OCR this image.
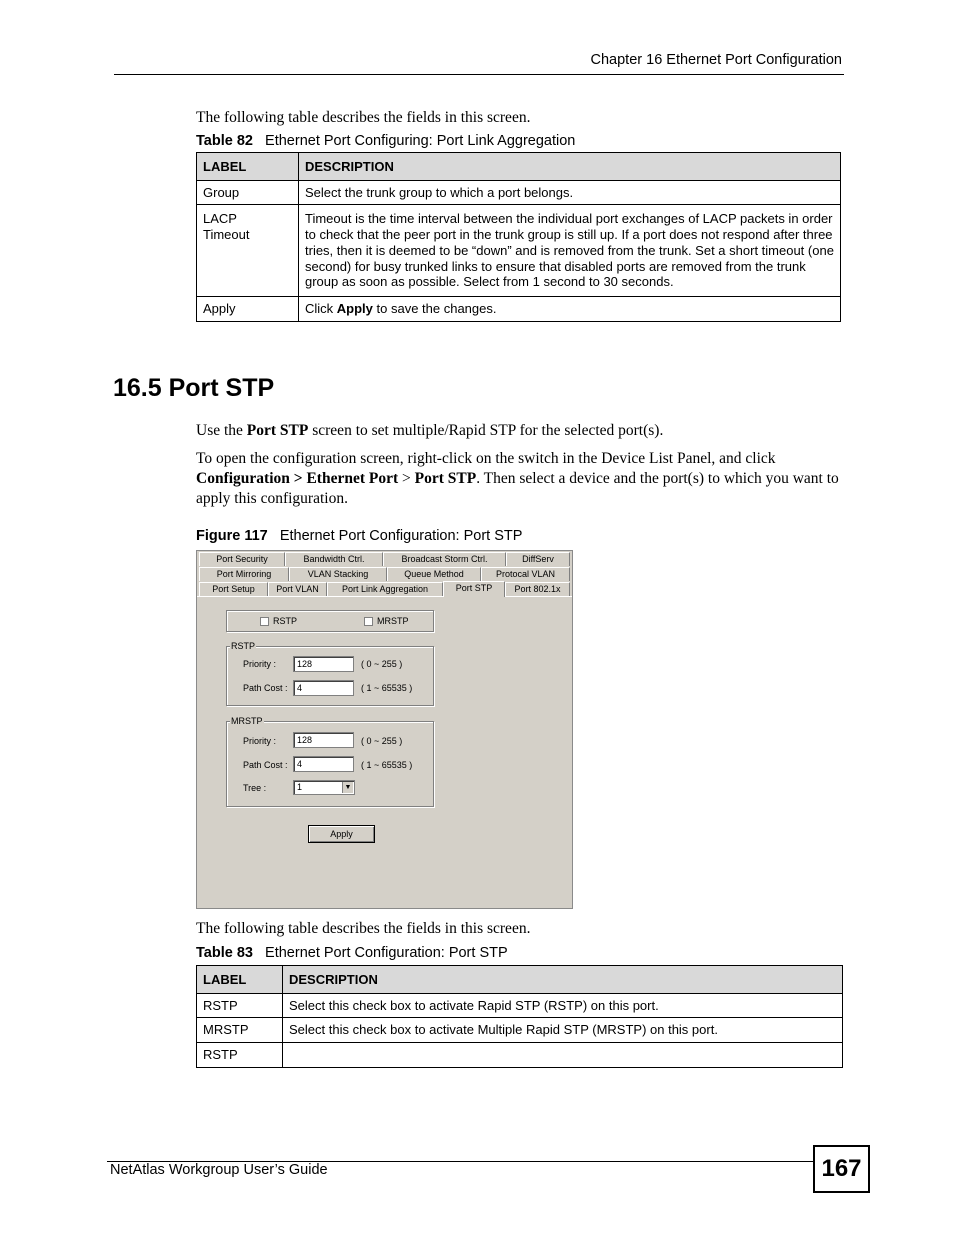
Chapter 16 Ethernet Port Configuration
The following table describes the fields in this screen.
Table 82 Ethernet Port Configuring: Port Link Aggregation
LABEL	DESCRIPTION
Group	Select the trunk group to which a port belongs.

LACP Timeout	Timeout is the time interval between the individual port exchanges of LACP packets in order to check that the peer port in the trunk group is still up. If a port does not respond after three tries, then it is deemed to be “down” and is removed from the trunk. Set a short timeout (one second) for busy trunked links to ensure that disabled ports are removed from the trunk group as soon as possible. Select from 1 second to 30 seconds.
Apply	Click Apply to save the changes.
16.5 Port STP
Use the Port STP screen to set multiple/Rapid STP for the selected port(s).
To open the configuration screen, right-click on the switch in the Device List Panel, and click Configuration > Ethernet Port > Port STP. Then select a device and the port(s) to which you want to apply this configuration.
Figure 117 Ethernet Port Configuration: Port STP
Port Security	Bandwidth Ctrl.	Broadcast Storm Ctrl.	DiffServ
Port Mirroring	VLAN Stacking	Queue Method	Protocal VLAN
Port Setup	Port VLAN	Port Link Aggregation	Port STP	Port 802.1x
RSTP	MRSTP
RSTP
Priority :	128	( 0 ~ 255 )
Path Cost :	4	( 1 ~ 65535 )
MRSTP
Priority :	128	( 0 ~ 255 )
Path Cost :	4	( 1 ~ 65535 )
Tree :	1	▼
Apply
The following table describes the fields in this screen.
Table 83 Ethernet Port Configuration: Port STP
LABEL	DESCRIPTION
RSTP	Select this check box to activate Rapid STP (RSTP) on this port.
MRSTP	Select this check box to activate Multiple Rapid STP (MRSTP) on this port.
RSTP	
NetAtlas Workgroup User’s Guide	167
